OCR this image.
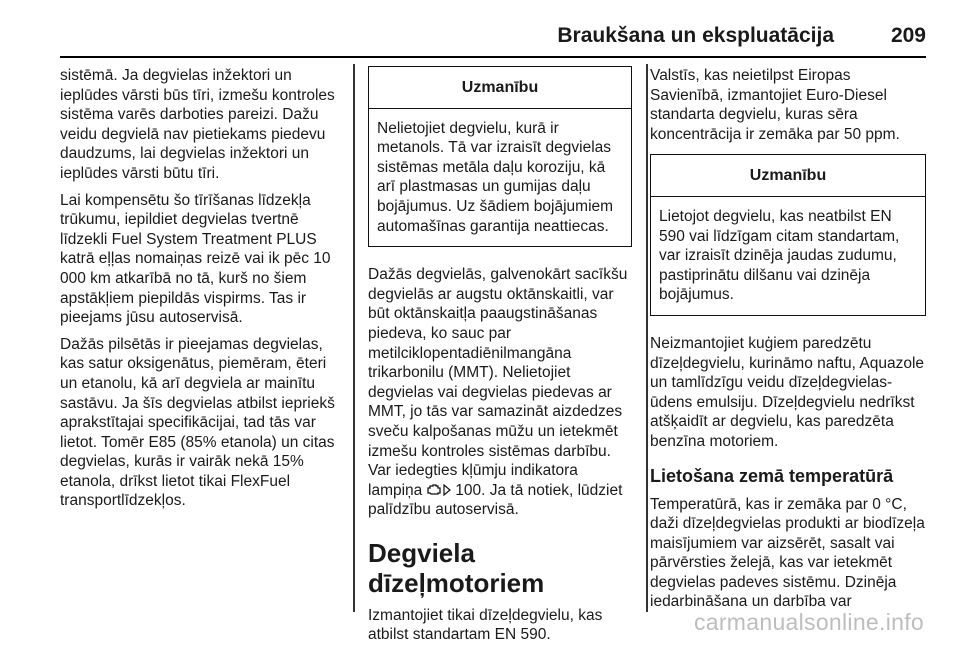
Braukšana un ekspluatācija	209

sistēmā. Ja degvielas inžektori un ieplūdes vārsti būs tīri, izmešu kontroles sistēma varēs darboties pareizi. Dažu veidu degvielā nav pietiekams piedevu daudzums, lai degvielas inžektori un ieplūdes vārsti būtu tīri.

Lai kompensētu šo tīrīšanas līdzekļa trūkumu, iepildiet degvielas tvertnē līdzekli Fuel System Treatment PLUS katrā eļļas nomaiņas reizē vai ik pēc 10 000 km atkarībā no tā, kurš no šiem apstākļiem piepildās vispirms. Tas ir pieejams jūsu autoservisā.

Dažās pilsētās ir pieejamas degvielas, kas satur oksigenātus, piemēram, ēteri un etanolu, kā arī degviela ar mainītu sastāvu. Ja šīs degvielas atbilst iepriekš aprakstītajai specifikācijai, tad tās var lietot. Tomēr E85 (85% etanola) un citas degvielas, kurās ir vairāk nekā 15% etanola, drīkst lietot tikai FlexFuel transportlīdzekļos.

Uzmanību
Nelietojiet degvielu, kurā ir metanols. Tā var izraisīt degvielas sistēmas metāla daļu koroziju, kā arī plastmasas un gumijas daļu bojājumus. Uz šādiem bojājumiem automašīnas garantija neattiecas.

Dažās degvielās, galvenokārt sacīkšu degvielās ar augstu oktānskaitli, var būt oktānskaitļa paaugstināšanas piedeva, ko sauc par metilciklopentadiēnilmangāna trikarbonilu (MMT). Nelietojiet degvielas vai degvielas piedevas ar MMT, jo tās var samazināt aizdedzes sveču kalpošanas mūžu un ietekmēt izmešu kontroles sistēmas darbību. Var iedegties kļūmju indikatora lampiņa 100. Ja tā notiek, lūdziet palīdzību autoservisā.

Degviela dīzeļmotoriem

Izmantojiet tikai dīzeļdegvielu, kas atbilst standartam EN 590.

Valstīs, kas neietilpst Eiropas Savienībā, izmantojiet Euro-Diesel standarta degvielu, kuras sēra koncentrācija ir zemāka par 50 ppm.

Uzmanību
Lietojot degvielu, kas neatbilst EN 590 vai līdzīgam citam standartam, var izraisīt dzinēja jaudas zudumu, pastiprinātu dilšanu vai dzinēja bojājumus.

Neizmantojiet kuģiem paredzētu dīzeļdegvielu, kurināmo naftu, Aquazole un tamlīdzīgu veidu dīzeļdegvielas-ūdens emulsiju. Dīzeļdegvielu nedrīkst atšķaidīt ar degvielu, kas paredzēta benzīna motoriem.

Lietošana zemā temperatūrā

Temperatūrā, kas ir zemāka par 0 °C, daži dīzeļdegvielas produkti ar biodīzeļa maisījumiem var aizsērēt, sasalt vai pārvērsties želejā, kas var ietekmēt degvielas padeves sistēmu. Dzinēja iedarbināšana un darbība var

carmanualsonline.info
